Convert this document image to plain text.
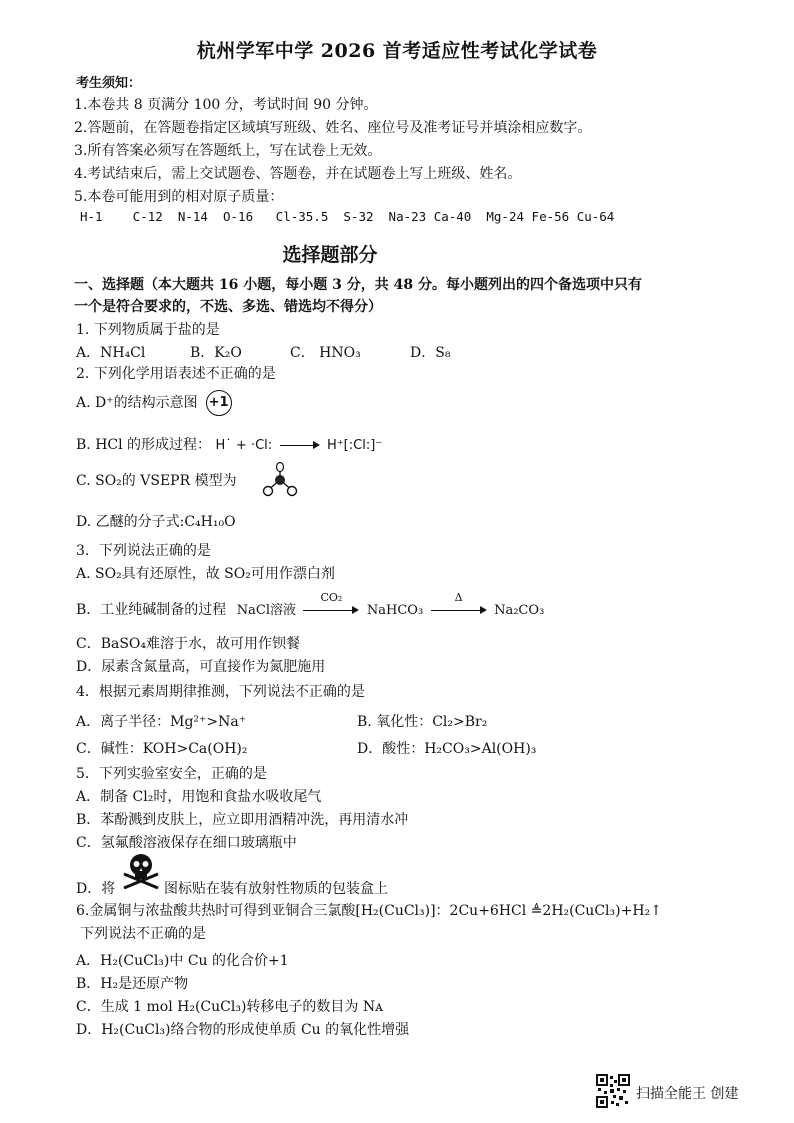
杭州学军中学 2026 首考适应性考试化学试卷
考生须知：
1.本卷共 8 页满分 100 分，考试时间 90 分钟。
2.答题前，在答题卷指定区域填写班级、姓名、座位号及准考证号并填涂相应数字。
3.所有答案必须写在答题纸上，写在试卷上无效。
4.考试结束后，需上交试题卷、答题卷，并在试题卷上写上班级、姓名。
5.本卷可能用到的相对原子质量：
H-1    C-12  N-14  O-16   Cl-35.5  S-32  Na-23 Ca-40  Mg-24 Fe-56 Cu-64
选择题部分
一、选择题（本大题共 16 小题，每小题 3 分，共 48 分。每小题列出的四个备选项中只有
一个是符合要求的，不选、多选、错选均不得分）
1. 下列物质属于盐的是
A．NH₄Cl	B．K₂O	C． HNO₃	D．S₈
2. 下列化学用语表述不正确的是
A. D⁺的结构示意图 +1
B. HCl 的形成过程： H˙ + ·Cl:	H⁺[:Cl:]⁻
C. SO₂的 VSEPR 模型为
D. 乙醚的分子式:C₄H₁₀O
3．下列说法正确的是
A. SO₂具有还原性，故 SO₂可用作漂白剂
B．工业纯碱制备的过程 NaCl溶液
CO₂
NaHCO₃
Δ
Na₂CO₃
C．BaSO₄难溶于水，故可用作钡餐
D．尿素含氮量高，可直接作为氮肥施用
4．根据元素周期律推测，下列说法不正确的是
A．离子半径：Mg²⁺>Na⁺	B. 氧化性：Cl₂>Br₂
C．碱性：KOH>Ca(OH)₂	D．酸性：H₂CO₃>Al(OH)₃
5．下列实验室安全，正确的是
A．制备 Cl₂时，用饱和食盐水吸收尾气
B．苯酚溅到皮肤上，应立即用酒精冲洗，再用清水冲
C．氢氟酸溶液保存在细口玻璃瓶中
D．将	图标贴在装有放射性物质的包装盒上
6.金属铜与浓盐酸共热时可得到亚铜合三氯酸[H₂(CuCl₃)]：2Cu+6HCl ≜2H₂(CuCl₃)+H₂↑
下列说法不正确的是
A．H₂(CuCl₃)中 Cu 的化合价+1
B．H₂是还原产物
C．生成 1 mol H₂(CuCl₃)转移电子的数目为 Nᴀ
D．H₂(CuCl₃)络合物的形成使单质 Cu 的氧化性增强
扫描全能王 创建
